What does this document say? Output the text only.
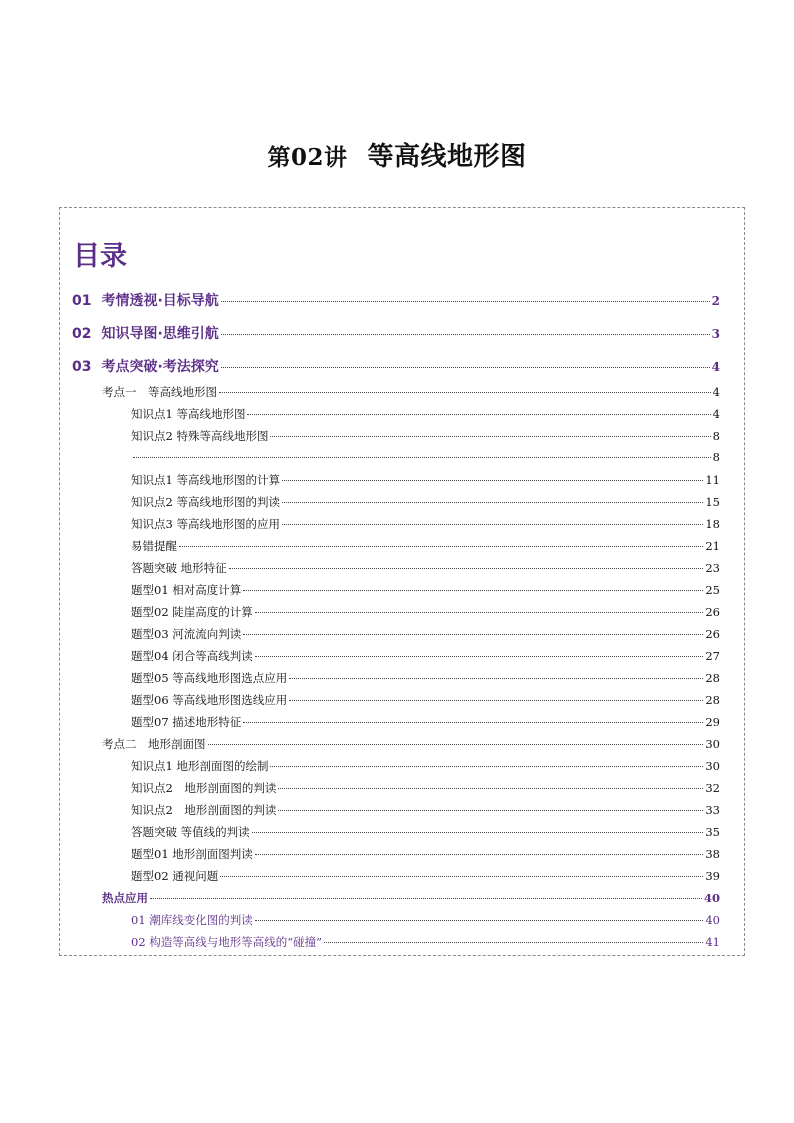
第02讲 等高线地形图
目录
01 考情透视·目标导航	2
02 知识导图·思维引航	3
03 考点突破·考法探究	4
考点一　等高线地形图	4
知识点1 等高线地形图	4
知识点2 特殊等高线地形图	8
8
知识点1 等高线地形图的计算	11
知识点2 等高线地形图的判读	15
知识点3 等高线地形图的应用	18
易错提醒	21
答题突破 地形特征	23
题型01 相对高度计算	25
题型02 陡崖高度的计算	26
题型03 河流流向判读	26
题型04 闭合等高线判读	27
题型05 等高线地形图选点应用	28
题型06 等高线地形图选线应用	28
题型07 描述地形特征	29
考点二　地形剖面图	30
知识点1 地形剖面图的绘制	30
知识点2　地形剖面图的判读	32
知识点2　地形剖面图的判读	33
答题突破 等值线的判读	35
题型01 地形剖面图判读	38
题型02 通视问题	39
热点应用	40
01 潮库线变化图的判读	40
02 构造等高线与地形等高线的“碰撞”	41
